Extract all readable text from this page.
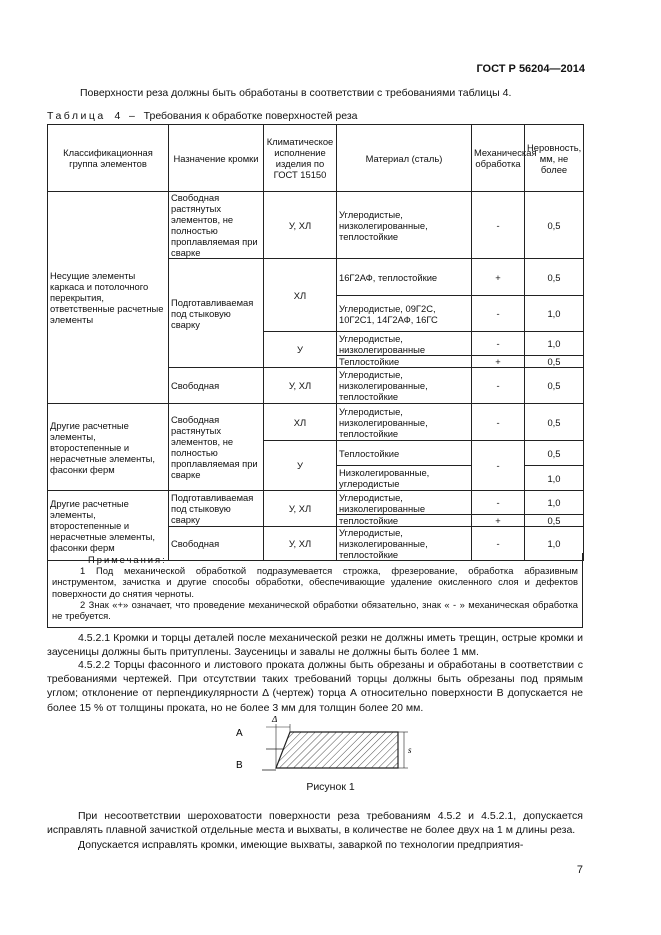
ГОСТ Р 56204—2014
Поверхности реза должны быть обработаны в соответствии с требованиями таблицы 4.
Таблица 4 – Требования к обработке поверхностей реза
Классификационная группа элементов	Назначение кромки	Климатическое исполнение изделия по ГОСТ 15150	Материал (сталь)	Механическая обработка	Неровность, мм, не более
Несущие элементы каркаса и потолочного перекрытия, ответственные расчетные элементы	Свободная растянутых элементов, не полностью проплавляемая при сварке	У, ХЛ	Углеродистые, низколегированные, теплостойкие	-	0,5
	Подготавливаемая под стыковую сварку	ХЛ	16Г2АФ, теплостойкие	+	0,5
			Углеродистые, 09Г2С, 10Г2С1, 14Г2АФ, 16ГС	-	1,0
		У	Углеродистые, низколегированные	-	1,0
			Теплостойкие	+	0,5
	Свободная	У, ХЛ	Углеродистые, низколегированные, теплостойкие	-	0,5
Другие расчетные элементы, второстепенные и нерасчетные элементы, фасонки ферм	Свободная растянутых элементов, не полностью проплавляемая при сварке	ХЛ	Углеродистые, низколегированные, теплостойкие	-	0,5
		У	Теплостойкие	-	0,5
			Низколегированные, углеродистые		1,0
Другие расчетные элементы, второстепенные и нерасчетные элементы, фасонки ферм	Подготавливаемая под стыковую сварку	У, ХЛ	Углеродистые, низколегированные	-	1,0
			теплостойкие	+	0,5
	Свободная	У, ХЛ	Углеродистые, низколегированные, теплостойкие	-	1,0
Примечания:

1 Под механической обработкой подразумевается строжка, фрезерование, обработка абразивным инструментом, зачистка и другие способы обработки, обеспечивающие удаление окисленного слоя и дефектов поверхности до снятия черноты.

2 Знак «+» означает, что проведение механической обработки обязательно, знак « - » механическая обработка не требуется.

4.5.2.1 Кромки и торцы деталей после механической резки не должны иметь трещин, острые кромки и заусеницы должны быть притуплены. Заусеницы и завалы не должны быть более 1 мм.

4.5.2.2 Торцы фасонного и листового проката должны быть обрезаны и обработаны в соответствии с требованиями чертежей. При отсутствии таких требований торцы должны быть обрезаны под прямым углом; отклонение от перпендикулярности Δ (чертеж) торца А относительно поверхности В допускается не более 15 % от толщины проката, но не более 3 мм для толщин более 20 мм.

А
В
Δ
s
Рисунок 1

При несоответствии шероховатости поверхности реза требованиям 4.5.2 и 4.5.2.1, допускается исправлять плавной зачисткой отдельные места и выхваты, в количестве не более двух на 1 м длины реза.

Допускается исправлять кромки, имеющие выхваты, заваркой по технологии предприятия-

7
